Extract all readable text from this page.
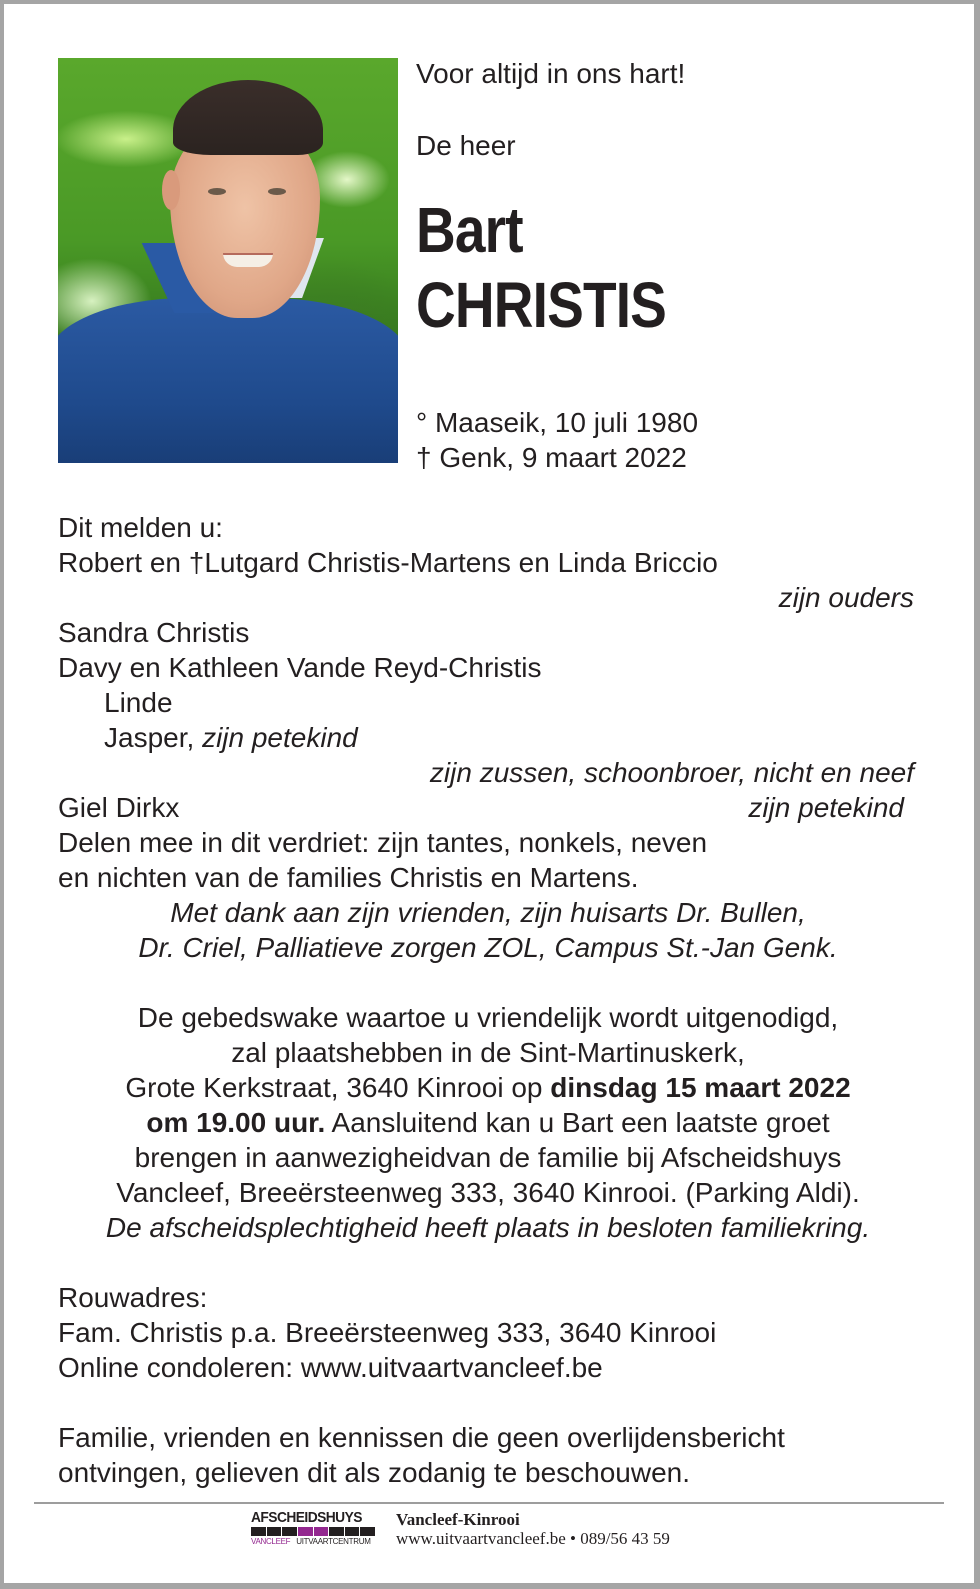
Voor altijd in ons hart!
De heer
Bart
CHRISTIS
° Maaseik, 10 juli 1980
† Genk, 9 maart 2022
Dit melden u:
Robert en †Lutgard Christis-Martens en Linda Briccio
zijn ouders
Sandra Christis
Davy en Kathleen Vande Reyd-Christis
Linde
Jasper, zijn petekind
zijn zussen, schoonbroer, nicht en neef
Giel Dirkx	zijn petekind
Delen mee in dit verdriet: zijn tantes, nonkels, neven
en nichten van de families Christis en Martens.
Met dank aan zijn vrienden, zijn huisarts Dr. Bullen,
Dr. Criel, Palliatieve zorgen ZOL, Campus St.-Jan Genk.
De gebedswake waartoe u vriendelijk wordt uitgenodigd,
zal plaatshebben in de Sint-Martinuskerk,
Grote Kerkstraat, 3640 Kinrooi op dinsdag 15 maart 2022
om 19.00 uur. Aansluitend kan u Bart een laatste groet
brengen in aanwezigheidvan de familie bij Afscheidshuys
Vancleef, Breeërsteenweg 333, 3640 Kinrooi. (Parking Aldi).
De afscheidsplechtigheid heeft plaats in besloten familiekring.
Rouwadres:
Fam. Christis p.a. Breeërsteenweg 333, 3640 Kinrooi
Online condoleren: www.uitvaartvancleef.be
Familie, vrienden en kennissen die geen overlijdensbericht
ontvingen, gelieven dit als zodanig te beschouwen.
AFSCHEIDSHUYS
VANCLEEF UITVAARTCENTRUM
Vancleef-Kinrooi
www.uitvaartvancleef.be • 089/56 43 59
